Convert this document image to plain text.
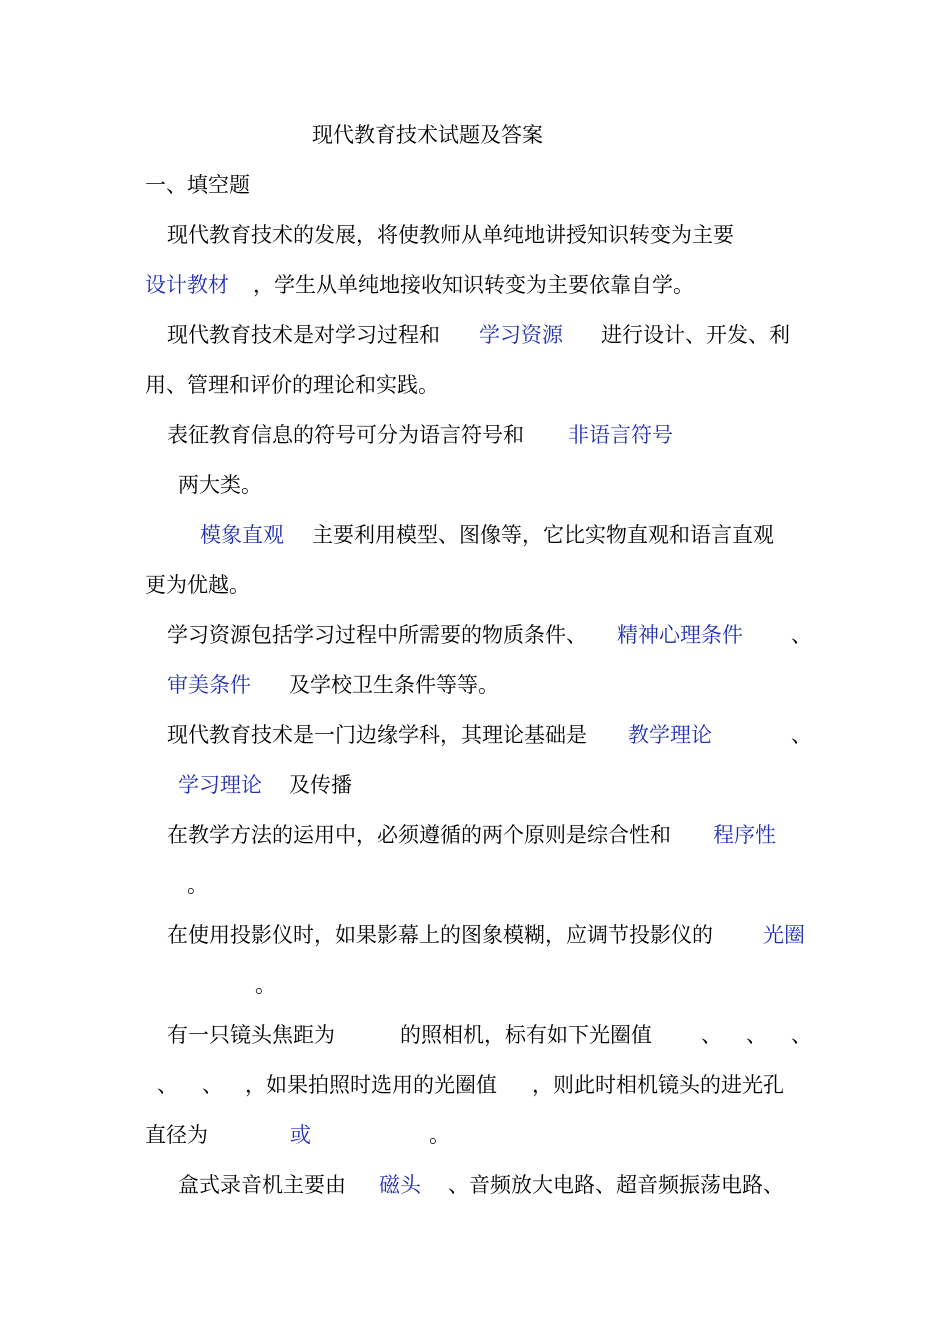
现代教育技术试题及答案
一、填空题
现代教育技术的发展，将使教师从单纯地讲授知识转变为主要
设计教材 ，学生从单纯地接收知识转变为主要依靠自学。
现代教育技术是对学习过程和 学习资源 进行设计、开发、利
用、管理和评价的理论和实践。
表征教育信息的符号可分为语言符号和 非语言符号
两大类。
模象直观 主要利用模型、图像等，它比实物直观和语言直观
更为优越。
学习资源包括学习过程中所需要的物质条件、 精神心理条件 、
审美条件 及学校卫生条件等等。
现代教育技术是一门边缘学科，其理论基础是 教学理论	、
学习理论 及传播
在教学方法的运用中，必须遵循的两个原则是综合性和 程序性
。
在使用投影仪时，如果影幕上的图象模糊，应调节投影仪的 光圈
。
有一只镜头焦距为	的照相机，标有如下光圈值 、 、 、
、 、 ，如果拍照时选用的光圈值 ，则此时相机镜头的进光孔
直径为	或	。
盒式录音机主要由 磁头 、音频放大电路、超音频振荡电路、
